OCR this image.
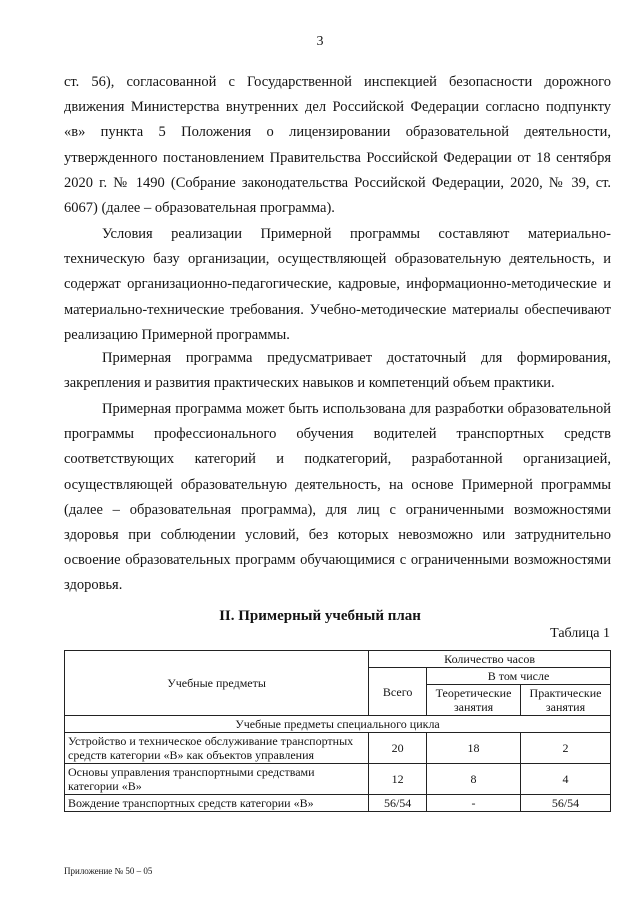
3
ст. 56), согласованной с Государственной инспекцией безопасности дорожного движения Министерства внутренних дел Российской Федерации согласно подпункту «в» пункта 5 Положения о лицензировании образовательной деятельности, утвержденного постановлением Правительства Российской Федерации от 18 сентября 2020 г. № 1490 (Собрание законодательства Российской Федерации, 2020, № 39, ст. 6067) (далее – образовательная программа).
Условия реализации Примерной программы составляют материально-техническую базу организации, осуществляющей образовательную деятельность, и содержат организационно-педагогические, кадровые, информационно-методические и материально-технические требования. Учебно-методические материалы обеспечивают реализацию Примерной программы.
Примерная программа предусматривает достаточный для формирования, закрепления и развития практических навыков и компетенций объем практики.
Примерная программа может быть использована для разработки образовательной программы профессионального обучения водителей транспортных средств соответствующих категорий и подкатегорий, разработанной организацией, осуществляющей образовательную деятельность, на основе Примерной программы (далее – образовательная программа), для лиц с ограниченными возможностями здоровья при соблюдении условий, без которых невозможно или затруднительно освоение образовательных программ обучающимися с ограниченными возможностями здоровья.
II. Примерный учебный план
Таблица 1
Учебные предметы	Количество часов		
	Всего	В том числе	
		Теоретические занятия	Практические занятия
Учебные предметы специального цикла			
Устройство и техническое обслуживание транспортных средств категории «В» как объектов управления	20	18	2
Основы управления транспортными средствами категории «В»	12	8	4
Вождение транспортных средств категории «В»	56/54	-	56/54
Приложение № 50 – 05
